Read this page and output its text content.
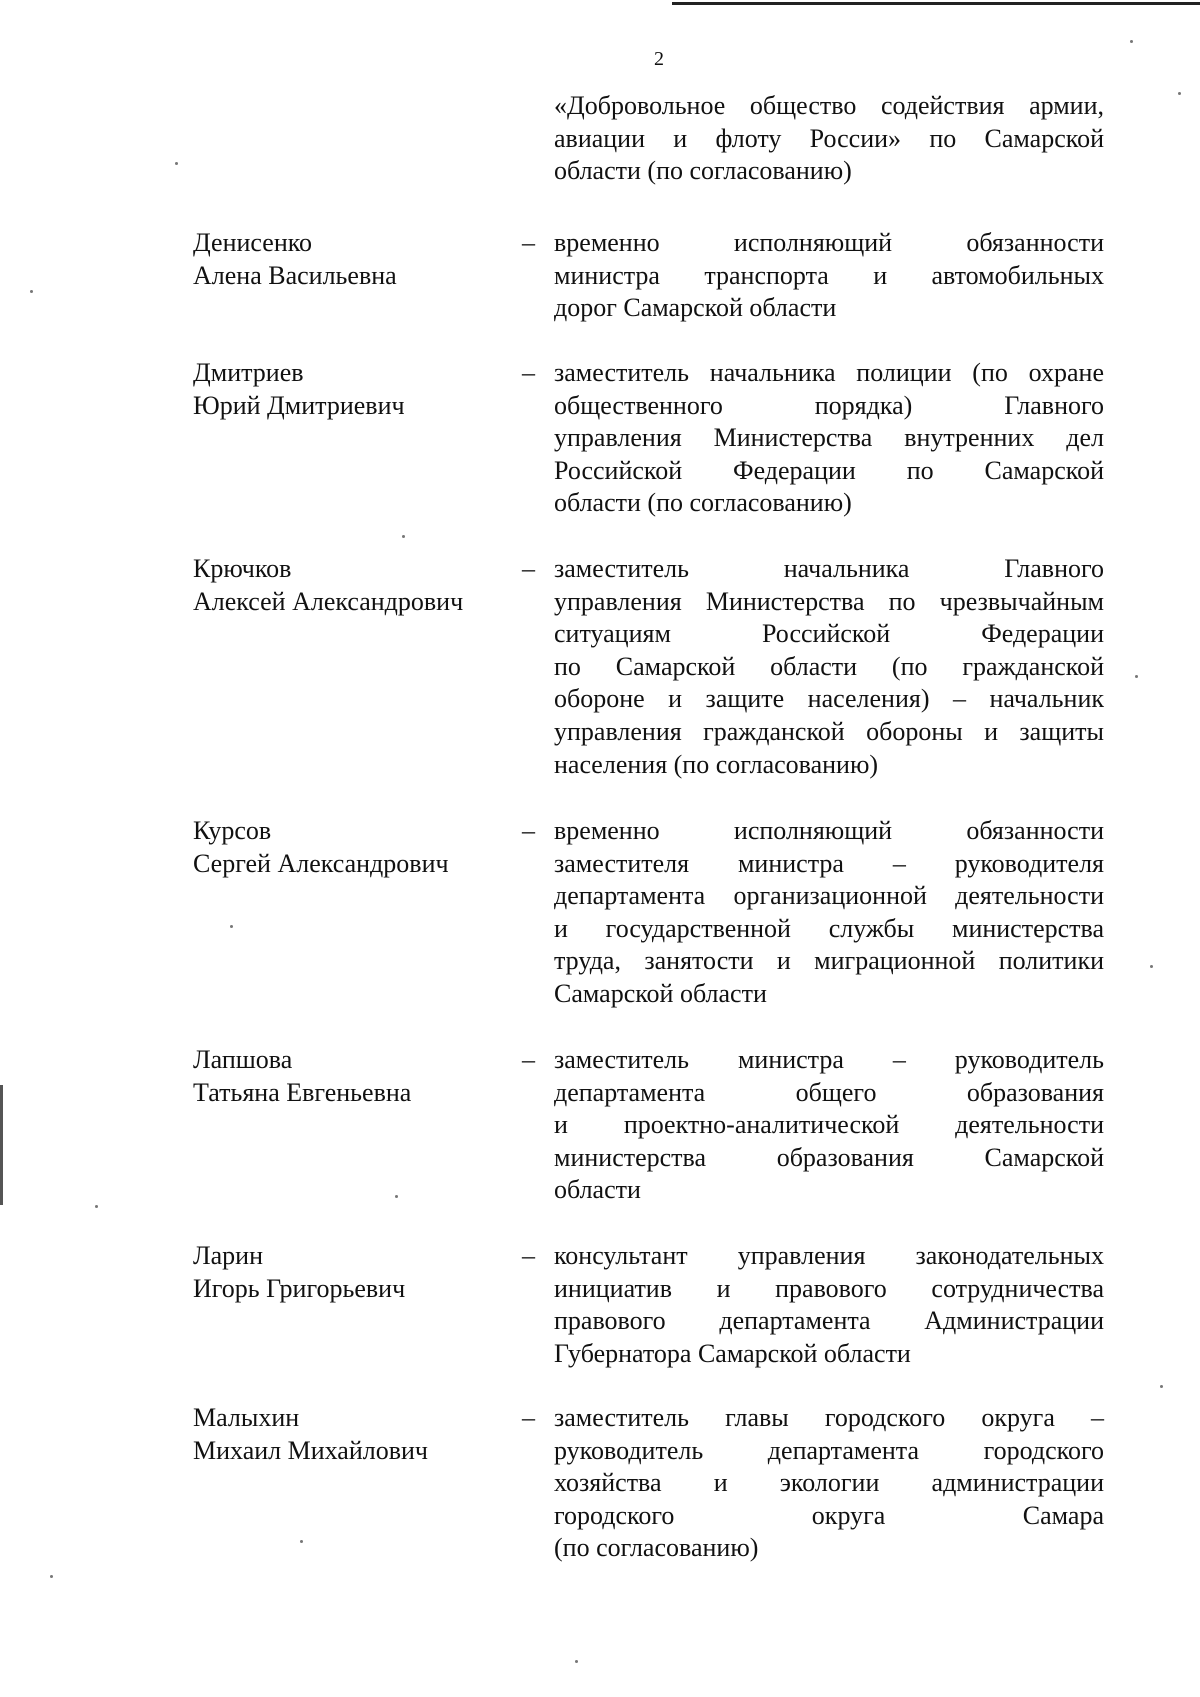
2
«Добровольное общество содействия армии,
авиации и флоту России» по Самарской
области (по согласованию)
Денисенко
Алена Васильевна
– временно исполняющий обязанности
министра транспорта и автомобильных
дорог Самарской области
Дмитриев
Юрий Дмитриевич
– заместитель начальника полиции (по охране
общественного порядка) Главного
управления Министерства внутренних дел
Российской Федерации по Самарской
области (по согласованию)
Крючков
Алексей Александрович
– заместитель начальника Главного
управления Министерства по чрезвычайным
ситуациям Российской Федерации
по Самарской области (по гражданской
обороне и защите населения) – начальник
управления гражданской обороны и защиты
населения (по согласованию)
Курсов
Сергей Александрович
– временно исполняющий обязанности
заместителя министра – руководителя
департамента организационной деятельности
и государственной службы министерства
труда, занятости и миграционной политики
Самарской области
Лапшова
Татьяна Евгеньевна
– заместитель министра – руководитель
департамента общего образования
и проектно-аналитической деятельности
министерства образования Самарской
области
Ларин
Игорь Григорьевич
– консультант управления законодательных
инициатив и правового сотрудничества
правового департамента Администрации
Губернатора Самарской области
Малыхин
Михаил Михайлович
– заместитель главы городского округа –
руководитель департамента городского
хозяйства и экологии администрации
городского округа Самара
(по согласованию)
